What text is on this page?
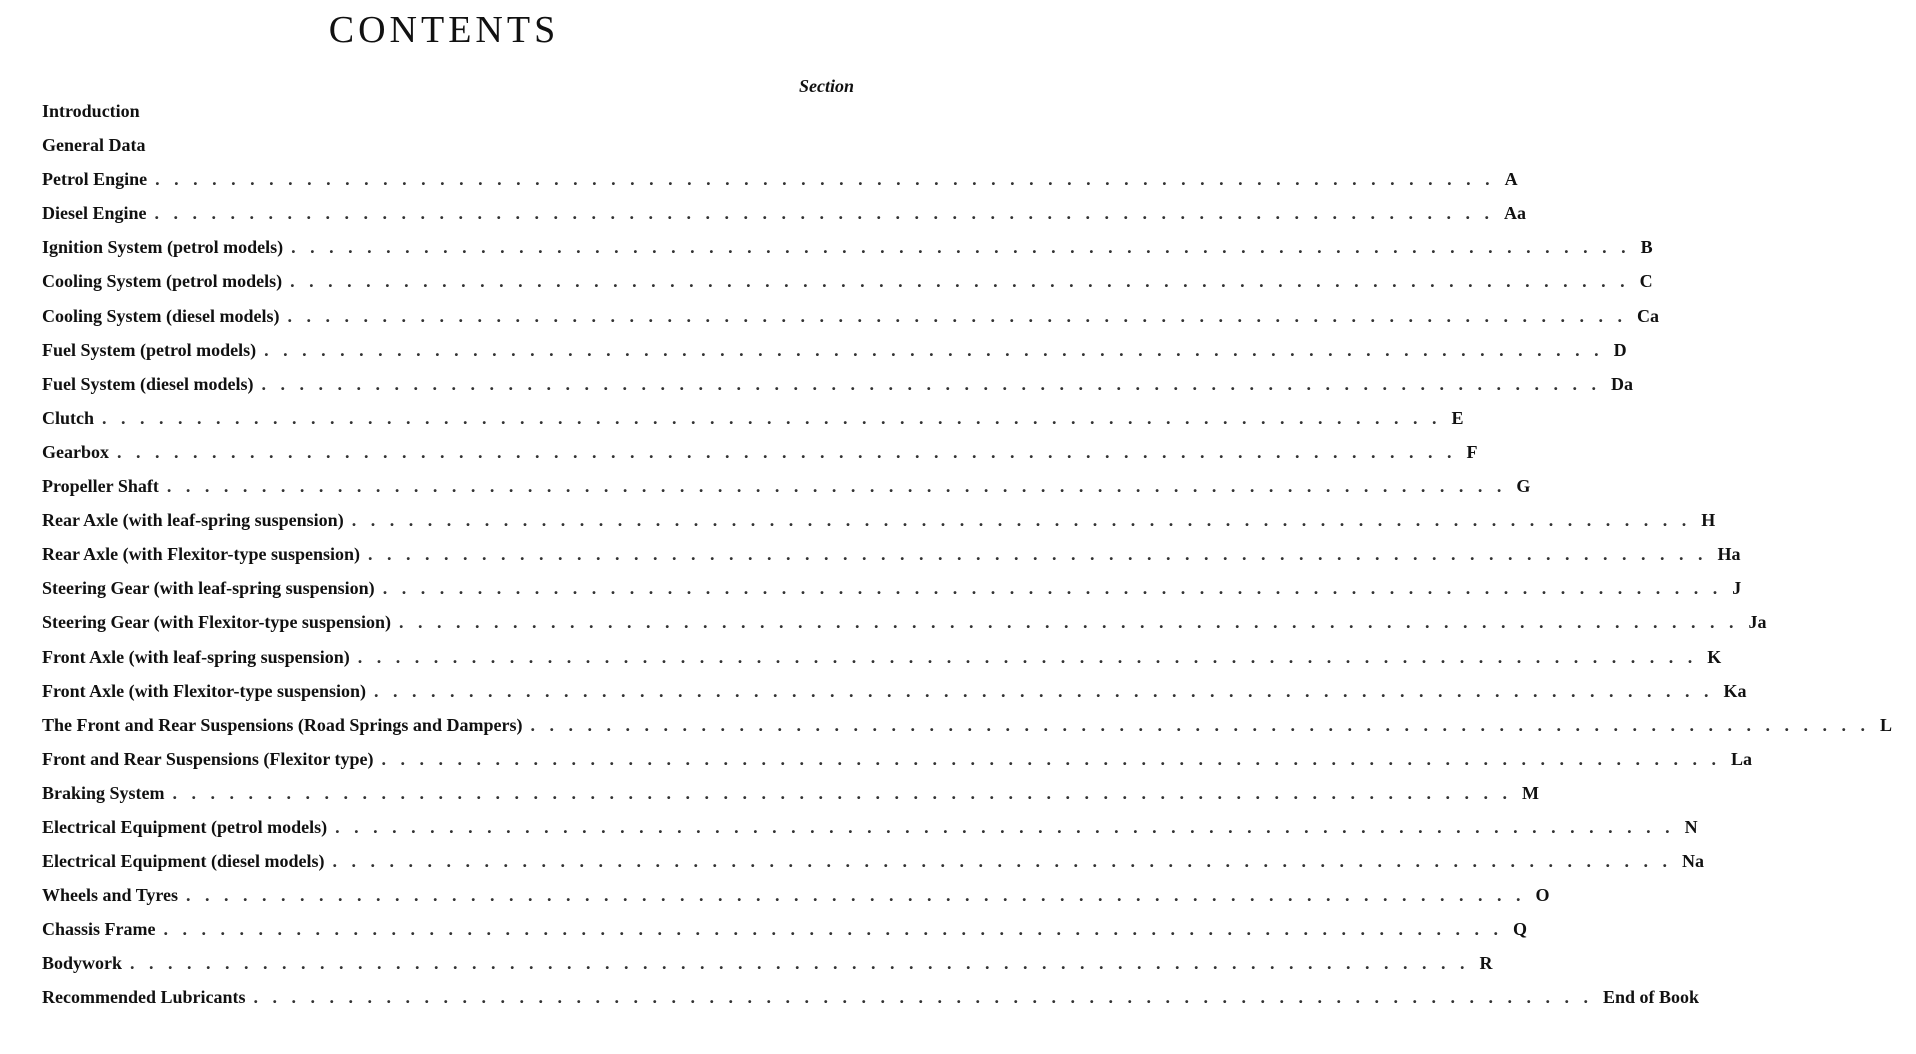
CONTENTS
Section
Introduction
General Data
Petrol Engine . . . . . . . . . . . . . . . . . . . . . . . . . . . . . . . . . . . . . . . . . . . . . . . . . . . . . . . . . . . . . . . . . . . . . . . A
Diesel Engine . . . . . . . . . . . . . . . . . . . . . . . . . . . . . . . . . . . . . . . . . . . . . . . . . . . . . . . . . . . . . . . . . . . . . . . Aa
Ignition System (petrol models) . . . . . . . . . . . . . . . . . . . . . . . . . . . . . . . . . . . . . . . . . . . . . . . . . . . . . . . . . . . . . . . . . . . . . . . B
Cooling System (petrol models) . . . . . . . . . . . . . . . . . . . . . . . . . . . . . . . . . . . . . . . . . . . . . . . . . . . . . . . . . . . . . . . . . . . . . . . C
Cooling System (diesel models) . . . . . . . . . . . . . . . . . . . . . . . . . . . . . . . . . . . . . . . . . . . . . . . . . . . . . . . . . . . . . . . . . . . . . . . Ca
Fuel System (petrol models) . . . . . . . . . . . . . . . . . . . . . . . . . . . . . . . . . . . . . . . . . . . . . . . . . . . . . . . . . . . . . . . . . . . . . . . D
Fuel System (diesel models) . . . . . . . . . . . . . . . . . . . . . . . . . . . . . . . . . . . . . . . . . . . . . . . . . . . . . . . . . . . . . . . . . . . . . . . Da
Clutch . . . . . . . . . . . . . . . . . . . . . . . . . . . . . . . . . . . . . . . . . . . . . . . . . . . . . . . . . . . . . . . . . . . . . . . E
Gearbox . . . . . . . . . . . . . . . . . . . . . . . . . . . . . . . . . . . . . . . . . . . . . . . . . . . . . . . . . . . . . . . . . . . . . . . F
Propeller Shaft . . . . . . . . . . . . . . . . . . . . . . . . . . . . . . . . . . . . . . . . . . . . . . . . . . . . . . . . . . . . . . . . . . . . . . . G
Rear Axle (with leaf-spring suspension) . . . . . . . . . . . . . . . . . . . . . . . . . . . . . . . . . . . . . . . . . . . . . . . . . . . . . . . . . . . . . . . . . . . . . . . H
Rear Axle (with Flexitor-type suspension) . . . . . . . . . . . . . . . . . . . . . . . . . . . . . . . . . . . . . . . . . . . . . . . . . . . . . . . . . . . . . . . . . . . . . . . Ha
Steering Gear (with leaf-spring suspension) . . . . . . . . . . . . . . . . . . . . . . . . . . . . . . . . . . . . . . . . . . . . . . . . . . . . . . . . . . . . . . . . . . . . . . . J
Steering Gear (with Flexitor-type suspension) . . . . . . . . . . . . . . . . . . . . . . . . . . . . . . . . . . . . . . . . . . . . . . . . . . . . . . . . . . . . . . . . . . . . . . . Ja
Front Axle (with leaf-spring suspension) . . . . . . . . . . . . . . . . . . . . . . . . . . . . . . . . . . . . . . . . . . . . . . . . . . . . . . . . . . . . . . . . . . . . . . . K
Front Axle (with Flexitor-type suspension) . . . . . . . . . . . . . . . . . . . . . . . . . . . . . . . . . . . . . . . . . . . . . . . . . . . . . . . . . . . . . . . . . . . . . . . Ka
The Front and Rear Suspensions (Road Springs and Dampers) . . . . . . . . . . . . . . . . . . . . . . . . . . . . . . . . . . . . . . . . . . . . . . . . . . . . . . . . . . . . . . . . . . . . . . . L
Front and Rear Suspensions (Flexitor type) . . . . . . . . . . . . . . . . . . . . . . . . . . . . . . . . . . . . . . . . . . . . . . . . . . . . . . . . . . . . . . . . . . . . . . . La
Braking System . . . . . . . . . . . . . . . . . . . . . . . . . . . . . . . . . . . . . . . . . . . . . . . . . . . . . . . . . . . . . . . . . . . . . . . M
Electrical Equipment (petrol models) . . . . . . . . . . . . . . . . . . . . . . . . . . . . . . . . . . . . . . . . . . . . . . . . . . . . . . . . . . . . . . . . . . . . . . . N
Electrical Equipment (diesel models) . . . . . . . . . . . . . . . . . . . . . . . . . . . . . . . . . . . . . . . . . . . . . . . . . . . . . . . . . . . . . . . . . . . . . . . Na
Wheels and Tyres . . . . . . . . . . . . . . . . . . . . . . . . . . . . . . . . . . . . . . . . . . . . . . . . . . . . . . . . . . . . . . . . . . . . . . . O
Chassis Frame . . . . . . . . . . . . . . . . . . . . . . . . . . . . . . . . . . . . . . . . . . . . . . . . . . . . . . . . . . . . . . . . . . . . . . . Q
Bodywork . . . . . . . . . . . . . . . . . . . . . . . . . . . . . . . . . . . . . . . . . . . . . . . . . . . . . . . . . . . . . . . . . . . . . . . R
Recommended Lubricants . . . . . . . . . . . . . . . . . . . . . . . . . . . . . . . . . . . . . . . . . . . . . . . . . . . . . . . . . . . . . . . . . . . . . . . End of Book
